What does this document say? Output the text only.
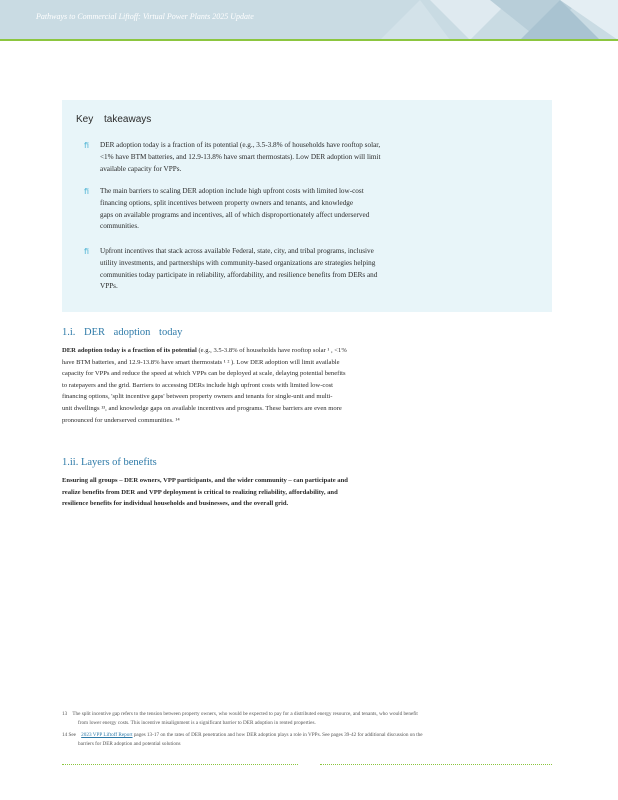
Pathways to Commercial Liftoff: Virtual Power Plants 2025 Update
Key takeaways
fi DER adoption today is a fraction of its potential (e.g., 3.5-3.8% of households have rooftop solar,
<1% have BTM batteries, and 12.9-13.8% have smart thermostats). Low DER adoption will limit
available capacity for VPPs.
fi The main barriers to scaling DER adoption include high upfront costs with limited low-cost
financing options, split incentives between property owners and tenants, and knowledge
gaps on available programs and incentives, all of which disproportionately affect underserved
communities.
fi Upfront incentives that stack across available Federal, state, city, and tribal programs, inclusive
utility investments, and partnerships with community-based organizations are strategies helping
communities today participate in reliability, affordability, and resilience benefits from DERs and
VPPs.
1.i. DER adoption today
DER adoption today is a fraction of its potential (e.g., 3.5-3.8% of households have rooftop solar ¹ , <1%
have BTM batteries, and 12.9-13.8% have smart thermostats ¹ ² ). Low DER adoption will limit available
capacity for VPPs and reduce the speed at which VPPs can be deployed at scale, delaying potential benefits
to ratepayers and the grid. Barriers to accessing DERs include high upfront costs with limited low-cost
financing options, 'split incentive gaps' between property owners and tenants for single-unit and multi-
unit dwellings ¹³, and knowledge gaps on available incentives and programs. These barriers are even more
pronounced for underserved communities. ¹⁴
1.ii. Layers of benefits
Ensuring all groups – DER owners, VPP participants, and the wider community – can participate and
realize benefits from DER and VPP deployment is critical to realizing reliability, affordability, and
resilience benefits for individual households and businesses, and the overall grid.
13 The split incentive gap refers to the tension between property owners, who would be expected to pay for a distributed energy resource, and tenants, who would benefit
from lower energy costs. This incentive misalignment is a significant barrier to DER adoption in rented properties.
14 See 2023 VPP Liftoff Report pages 13-17 on the rates of DER penetration and how DER adoption plays a role in VPPs. See pages 39-42 for additional discussion on the
barriers for DER adoption and potential solutions
